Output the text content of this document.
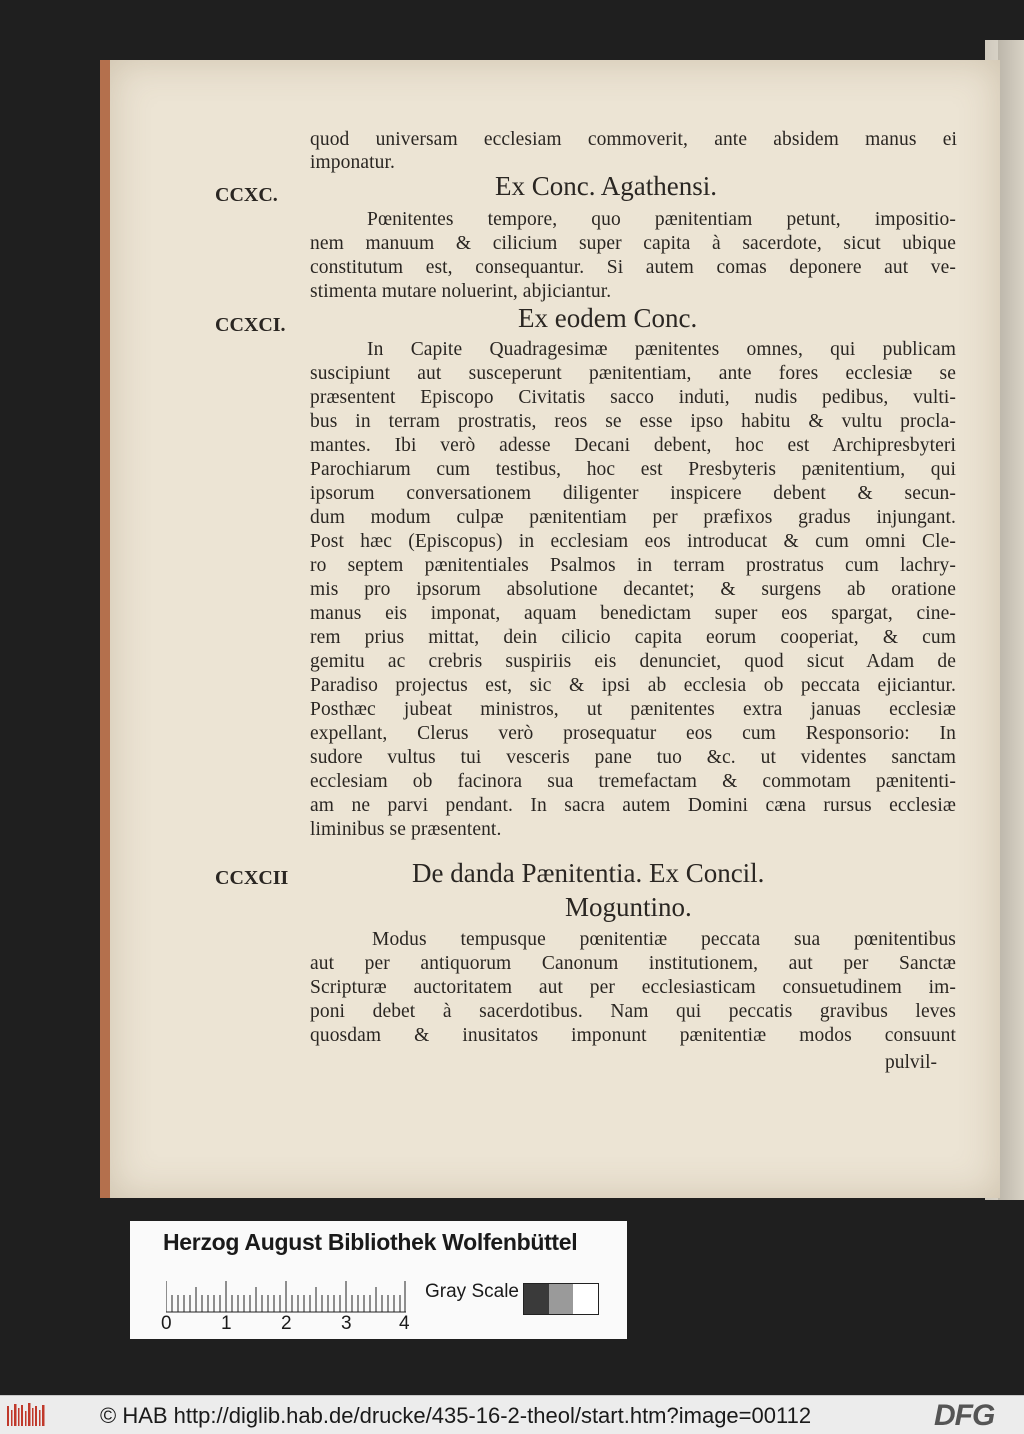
quod universam ecclesiam commoverit, ante absidem manus ei
imponatur.
CCXC.	Ex Conc. Agathensi.
Pœnitentes tempore, quo pænitentiam petunt, impositio-
nem manuum & cilicium super capita à sacerdote, sicut ubique
constitutum est, consequantur. Si autem comas deponere aut ve-
stimenta mutare noluerint, abjiciantur.
CCXCI.	Ex eodem Conc.
In Capite Quadragesimæ pænitentes omnes, qui publicam
suscipiunt aut susceperunt pænitentiam, ante fores ecclesiæ se
præsentent Episcopo Civitatis sacco induti, nudis pedibus, vulti-
bus in terram prostratis, reos se esse ipso habitu & vultu procla-
mantes. Ibi verò adesse Decani debent, hoc est Archipresbyteri
Parochiarum cum testibus, hoc est Presbyteris pænitentium, qui
ipsorum conversationem diligenter inspicere debent & secun-
dum modum culpæ pænitentiam per præfixos gradus injungant.
Post hæc (Episcopus) in ecclesiam eos introducat & cum omni Cle-
ro septem pænitentiales Psalmos in terram prostratus cum lachry-
mis pro ipsorum absolutione decantet; & surgens ab oratione
manus eis imponat, aquam benedictam super eos spargat, cine-
rem prius mittat, dein cilicio capita eorum cooperiat, & cum
gemitu ac crebris suspiriis eis denunciet, quod sicut Adam de
Paradiso projectus est, sic & ipsi ab ecclesia ob peccata ejiciantur.
Posthæc jubeat ministros, ut pænitentes extra januas ecclesiæ
expellant, Clerus verò prosequatur eos cum Responsorio: In
sudore vultus tui vesceris pane tuo &c. ut videntes sanctam
ecclesiam ob facinora sua tremefactam & commotam pænitenti-
am ne parvi pendant. In sacra autem Domini cæna rursus ecclesiæ
liminibus se præsentent.
CCXCII	De danda Pænitentia. Ex Concil.
Moguntino.
Modus tempusque pœnitentiæ peccata sua pœnitentibus
aut per antiquorum Canonum institutionem, aut per Sanctæ
Scripturæ auctoritatem aut per ecclesiasticam consuetudinem im-
poni debet à sacerdotibus. Nam qui peccatis gravibus leves
quosdam & inusitatos imponunt pænitentiæ modos consuunt
pulvil-
Herzog August Bibliothek Wolfenbüttel
0	1	2	3 4
Gray Scale
© HAB http://diglib.hab.de/drucke/435-16-2-theol/start.htm?image=00112	DFG
